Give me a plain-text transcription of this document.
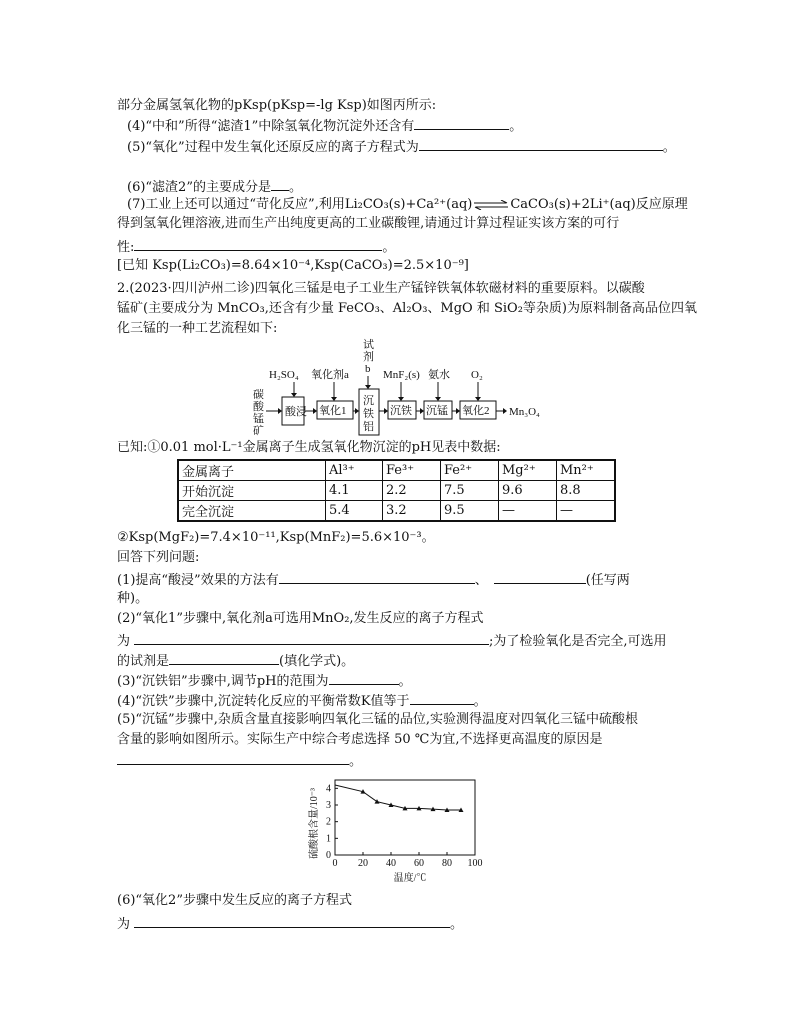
部分金属氢氧化物的pKsp(pKsp=-lg Ksp)如图丙所示:
(4)“中和”所得“滤渣1”中除氢氧化物沉淀外还含有	。
(5)“氧化”过程中发生氧化还原反应的离子方程式为	。
(6)“滤渣2”的主要成分是 。
(7)工业上还可以通过“苛化反应”,利用Li₂CO₃(s)+Ca²⁺(aq)⇌CaCO₃(s)+2Li⁺(aq)反应原理
得到氢氧化锂溶液,进而生产出纯度更高的工业碳酸锂,请通过计算过程证实该方案的可行
性:	。
[已知 Ksp(Li₂CO₃)=8.64×10⁻⁴,Ksp(CaCO₃)=2.5×10⁻⁹]
2.(2023·四川泸州二诊)四氧化三锰是电子工业生产锰锌铁氧体软磁材料的重要原料。以碳酸
锰矿(主要成分为 MnCO₃,还含有少量 FeCO₃、Al₂O₃、MgO 和 SiO₂等杂质)为原料制备高品位四氧
化三锰的一种工艺流程如下:
碳
酸
锰
矿
H₂SO₄
酸浸
氧化剂a
氧化1
试
剂
b
沉
铁
铝
MnF₂(s)
沉铁
氨水
沉锰
O₂
氧化2 Mn₃O₄
已知:①0.01 mol·L⁻¹金属离子生成氢氧化物沉淀的pH见表中数据:
金属离子	Al³⁺	Fe³⁺	Fe²⁺	Mg²⁺	Mn²⁺
开始沉淀	4.1	2.2	7.5	9.6	8.8
完全沉淀	5.4	3.2	9.5	—	—
②Ksp(MgF₂)=7.4×10⁻¹¹,Ksp(MnF₂)=5.6×10⁻³。
回答下列问题:
(1)提高“酸浸”效果的方法有	、	(任写两
种)。
(2)“氧化1”步骤中,氧化剂a可选用MnO₂,发生反应的离子方程式
为	;为了检验氧化是否完全,可选用
的试剂是	(填化学式)。
(3)“沉铁铝”步骤中,调节pH的范围为	。
(4)“沉铁”步骤中,沉淀转化反应的平衡常数K值等于	。
(5)“沉锰”步骤中,杂质含量直接影响四氧化三锰的品位,实验测得温度对四氧化三锰中硫酸根
含量的影响如图所示。实际生产中综合考虑选择 50 ℃为宜,不选择更高温度的原因是
。
0 20 40 60 80 100
0
1
2
3
4
温度/℃
硫酸根含量/10⁻³
(6)“氧化2”步骤中发生反应的离子方程式
为	。
